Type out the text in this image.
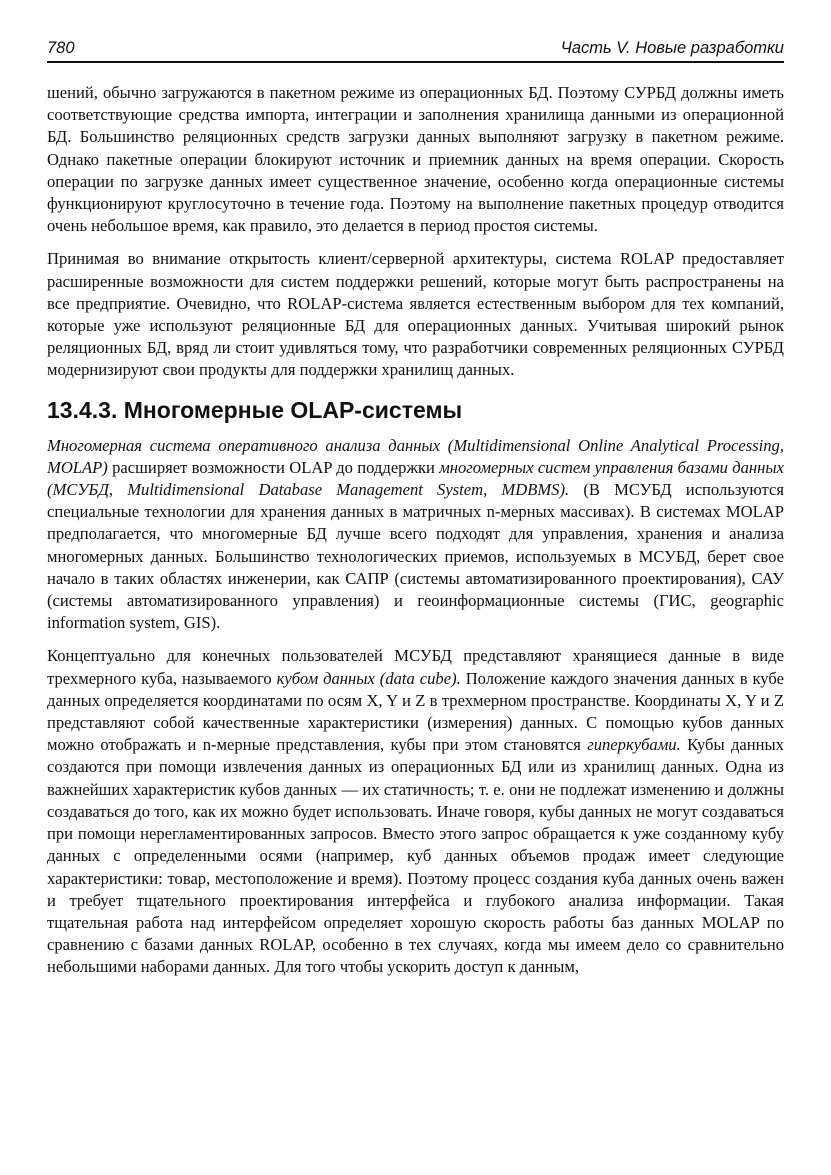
780	Часть V. Новые разработки

шений, обычно загружаются в пакетном режиме из операционных БД. Поэтому СУРБД должны иметь соответствующие средства импорта, интеграции и заполнения хранилища данными из операционной БД. Большинство реляционных средств загрузки данных выполняют загрузку в пакетном режиме. Однако пакетные операции блокируют источник и приемник данных на время операции. Скорость операции по загрузке данных имеет существенное значение, особенно когда операционные системы функционируют круглосуточно в течение года. Поэтому на выполнение пакетных процедур отводится очень небольшое время, как правило, это делается в период простоя системы.

Принимая во внимание открытость клиент/серверной архитектуры, система ROLAP предоставляет расширенные возможности для систем поддержки решений, которые могут быть распространены на все предприятие. Очевидно, что ROLAP-система является естественным выбором для тех компаний, которые уже используют реляционные БД для операционных данных. Учитывая широкий рынок реляционных БД, вряд ли стоит удивляться тому, что разработчики современных реляционных СУРБД модернизируют свои продукты для поддержки хранилищ данных.

13.4.3. Многомерные OLAP-системы

Многомерная система оперативного анализа данных (Multidimensional Online Analytical Processing, MOLAP) расширяет возможности OLAP до поддержки многомерных систем управления базами данных (МСУБД, Multidimensional Database Management System, MDBMS). (В МСУБД используются специальные технологии для хранения данных в матричных n-мерных массивах). В системах MOLAP предполагается, что многомерные БД лучше всего подходят для управления, хранения и анализа многомерных данных. Большинство технологических приемов, используемых в МСУБД, берет свое начало в таких областях инженерии, как САПР (системы автоматизированного проектирования), САУ (системы автоматизированного управления) и геоинформационные системы (ГИС, geographic information system, GIS).

Концептуально для конечных пользователей МСУБД представляют хранящиеся данные в виде трехмерного куба, называемого кубом данных (data cube). Положение каждого значения данных в кубе данных определяется координатами по осям X, Y и Z в трехмерном пространстве. Координаты X, Y и Z представляют собой качественные характеристики (измерения) данных. С помощью кубов данных можно отображать и n-мерные представления, кубы при этом становятся гиперкубами. Кубы данных создаются при помощи извлечения данных из операционных БД или из хранилищ данных. Одна из важнейших характеристик кубов данных — их статичность; т. е. они не подлежат изменению и должны создаваться до того, как их можно будет использовать. Иначе говоря, кубы данных не могут создаваться при помощи нерегламентированных запросов. Вместо этого запрос обращается к уже созданному кубу данных с определенными осями (например, куб данных объемов продаж имеет следующие характеристики: товар, местоположение и время). Поэтому процесс создания куба данных очень важен и требует тщательного проектирования интерфейса и глубокого анализа информации. Такая тщательная работа над интерфейсом определяет хорошую скорость работы баз данных MOLAP по сравнению с базами данных ROLAP, особенно в тех случаях, когда мы имеем дело со сравнительно небольшими наборами данных. Для того чтобы ускорить доступ к данным,
